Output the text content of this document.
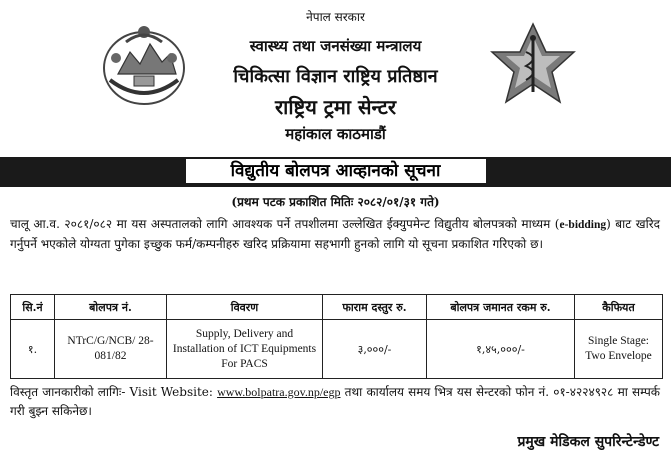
नेपाल सरकार
स्वास्थ्य तथा जनसंख्या मन्त्रालय
चिकित्सा विज्ञान राष्ट्रिय प्रतिष्ठान
राष्ट्रिय ट्रमा सेन्टर
महांकाल काठमाडौं
विद्युतीय बोलपत्र आव्हानको सूचना
(प्रथम पटक प्रकाशित मितिः २०८२/०१/३१ गते)

चालू आ.व. २०८१/०८२ मा यस अस्पतालको लागि आवश्यक पर्ने तपशीलमा उल्लेखित ईक्युपमेन्ट विद्युतीय बोलपत्रको माध्यम (e-bidding) बाट खरिद गर्नुपर्ने भएकोले योग्यता पुगेका इच्छुक फर्म/कम्पनीहरु खरिद प्रक्रियामा सहभागी हुनको लागि यो सूचना प्रकाशित गरिएको छ।

सि.नं	बोलपत्र नं.	विवरण	फाराम दस्तुर रु.	बोलपत्र जमानत रकम रु.	कैफियत
१.	NTrC/G/NCB/ 28-081/82	Supply, Delivery and Installation of ICT Equipments For PACS	३,०००/-	१,४५,०००/-	Single Stage: Two Envelope

विस्तृत जानकारीको लागिः- Visit Website: www.bolpatra.gov.np/egp तथा कार्यालय समय भित्र यस सेन्टरको फोन नं. ०१-४२२४९२८ मा सम्पर्क गरी बुझ्न सकिनेछ।

प्रमुख मेडिकल सुपरिन्टेन्डेण्ट
